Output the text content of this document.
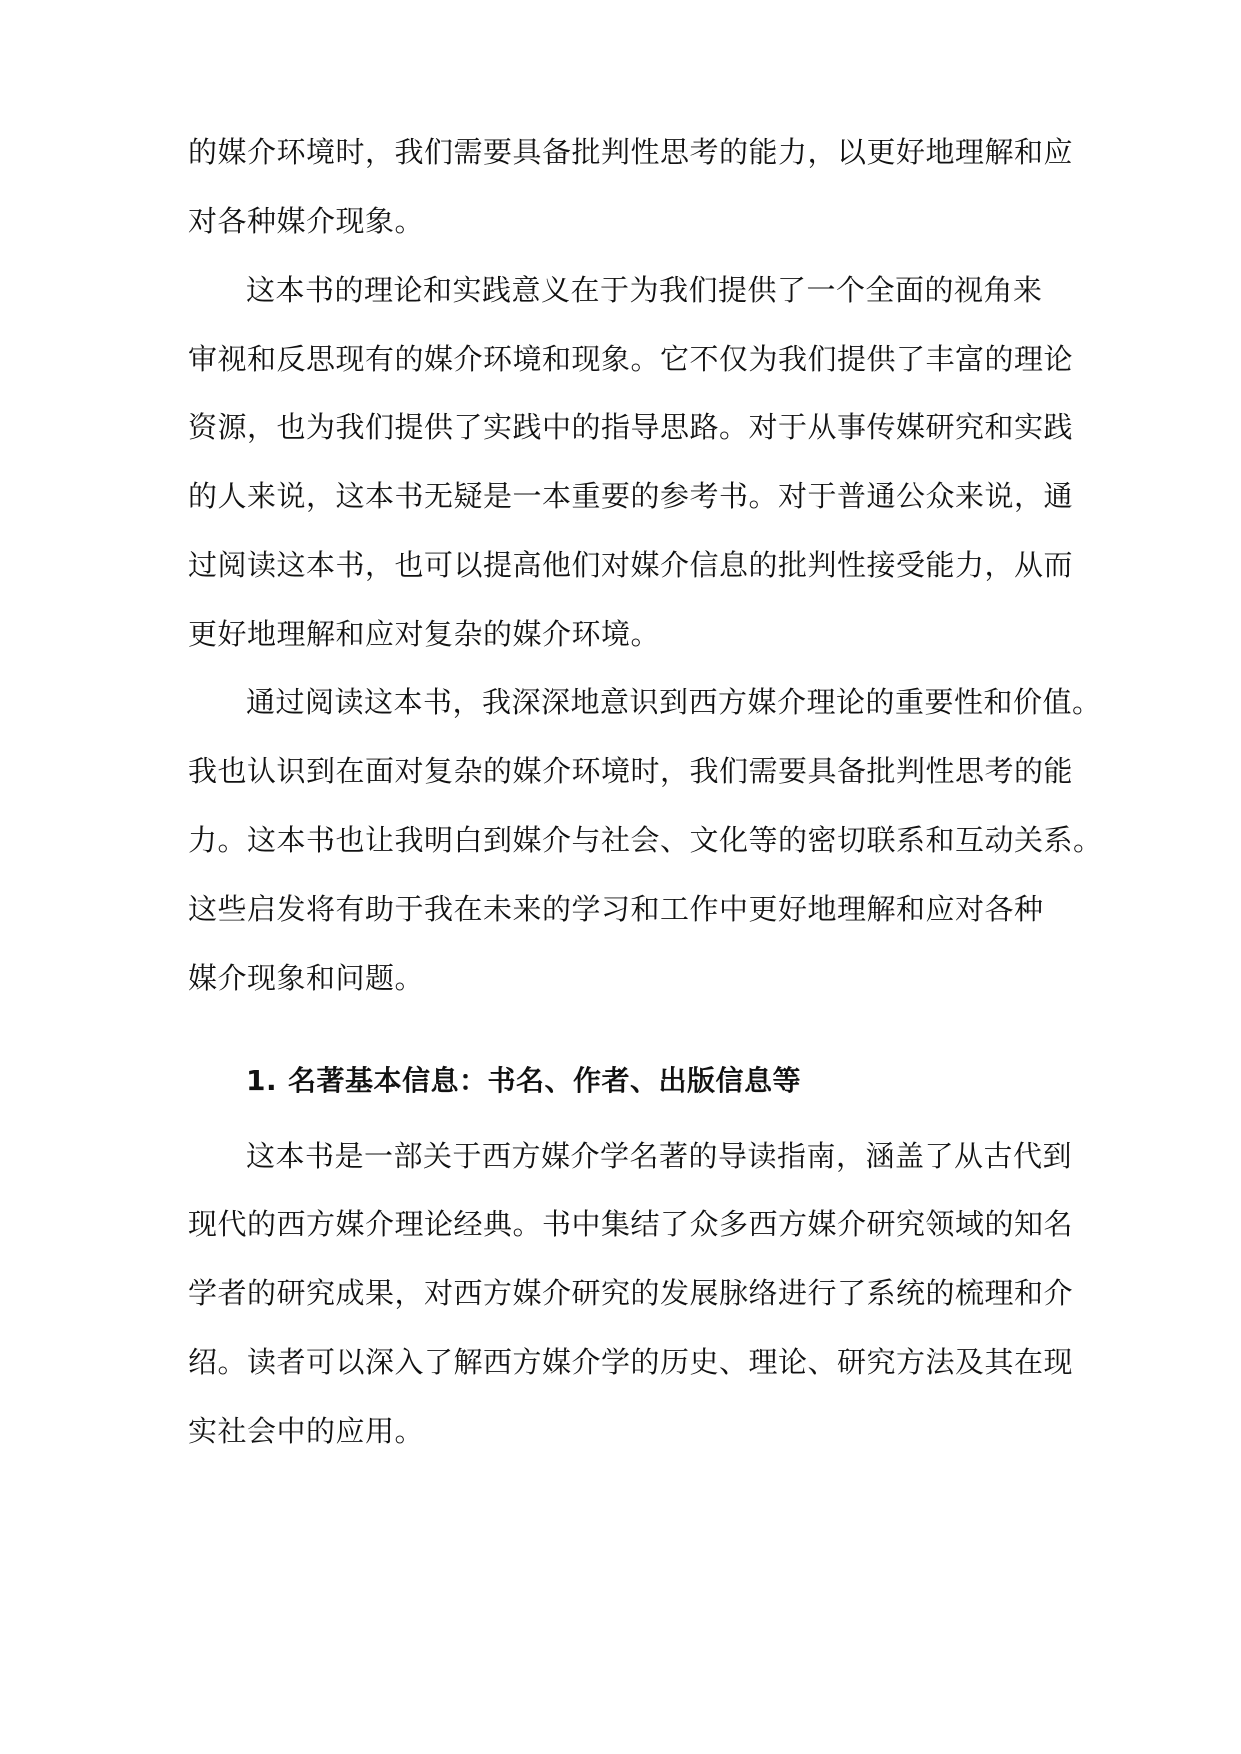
的媒介环境时，我们需要具备批判性思考的能力，以更好地理解和应
对各种媒介现象。
这本书的理论和实践意义在于为我们提供了一个全面的视角来
审视和反思现有的媒介环境和现象。它不仅为我们提供了丰富的理论
资源，也为我们提供了实践中的指导思路。对于从事传媒研究和实践
的人来说，这本书无疑是一本重要的参考书。对于普通公众来说，通
过阅读这本书，也可以提高他们对媒介信息的批判性接受能力，从而
更好地理解和应对复杂的媒介环境。
通过阅读这本书，我深深地意识到西方媒介理论的重要性和价值。
我也认识到在面对复杂的媒介环境时，我们需要具备批判性思考的能
力。这本书也让我明白到媒介与社会、文化等的密切联系和互动关系。
这些启发将有助于我在未来的学习和工作中更好地理解和应对各种
媒介现象和问题。
1. 名著基本信息：书名、作者、出版信息等
这本书是一部关于西方媒介学名著的导读指南，涵盖了从古代到
现代的西方媒介理论经典。书中集结了众多西方媒介研究领域的知名
学者的研究成果，对西方媒介研究的发展脉络进行了系统的梳理和介
绍。读者可以深入了解西方媒介学的历史、理论、研究方法及其在现
实社会中的应用。
